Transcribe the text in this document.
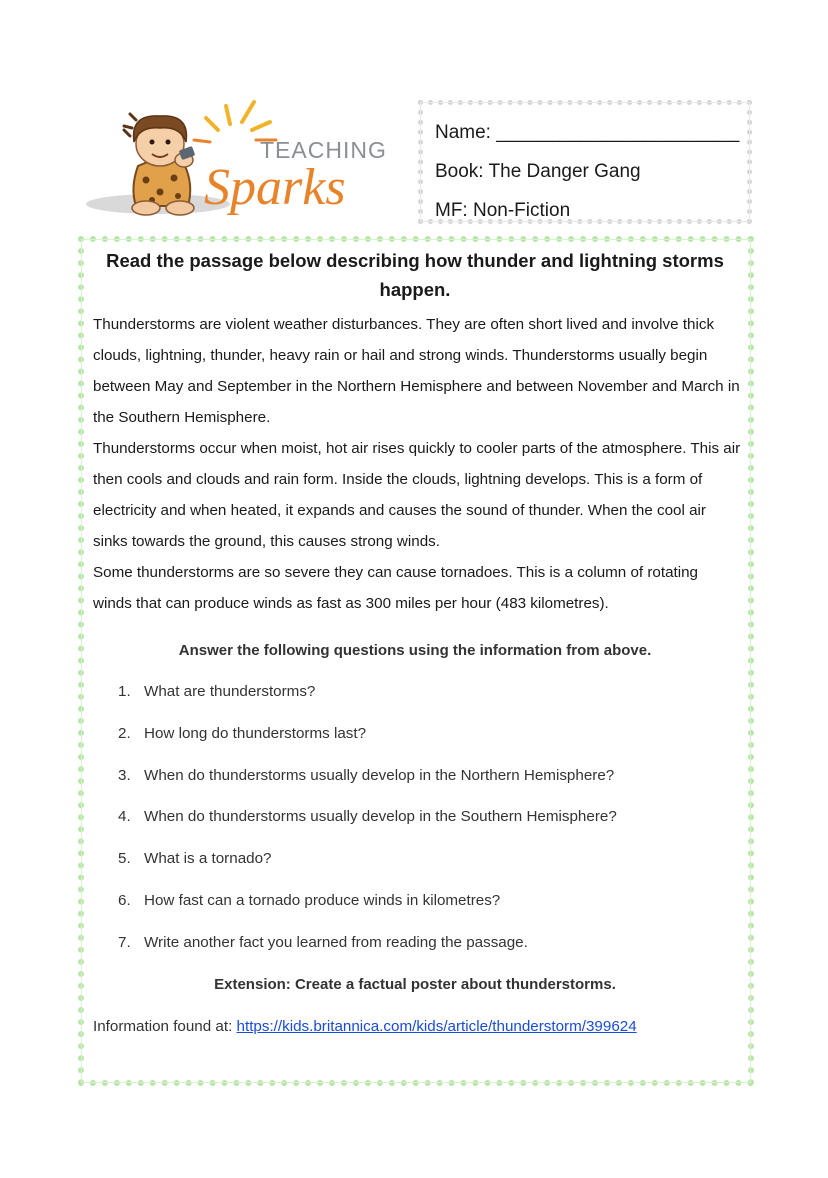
TEACHING
Sparks
Name: _______________________
Book: The Danger Gang
MF: Non-Fiction
Read the passage below describing how thunder and lightning storms happen.

Thunderstorms are violent weather disturbances. They are often short lived and involve thick clouds, lightning, thunder, heavy rain or hail and strong winds. Thunderstorms usually begin between May and September in the Northern Hemisphere and between November and March in the Southern Hemisphere.

Thunderstorms occur when moist, hot air rises quickly to cooler parts of the atmosphere. This air then cools and clouds and rain form. Inside the clouds, lightning develops. This is a form of electricity and when heated, it expands and causes the sound of thunder. When the cool air sinks towards the ground, this causes strong winds.

Some thunderstorms are so severe they can cause tornadoes. This is a column of rotating winds that can produce winds as fast as 300 miles per hour (483 kilometres).

Answer the following questions using the information from above.
1. What are thunderstorms?
2. How long do thunderstorms last?
3. When do thunderstorms usually develop in the Northern Hemisphere?
4. When do thunderstorms usually develop in the Southern Hemisphere?
5. What is a tornado?
6. How fast can a tornado produce winds in kilometres?
7. Write another fact you learned from reading the passage.
Extension: Create a factual poster about thunderstorms.
Information found at: https://kids.britannica.com/kids/article/thunderstorm/399624
